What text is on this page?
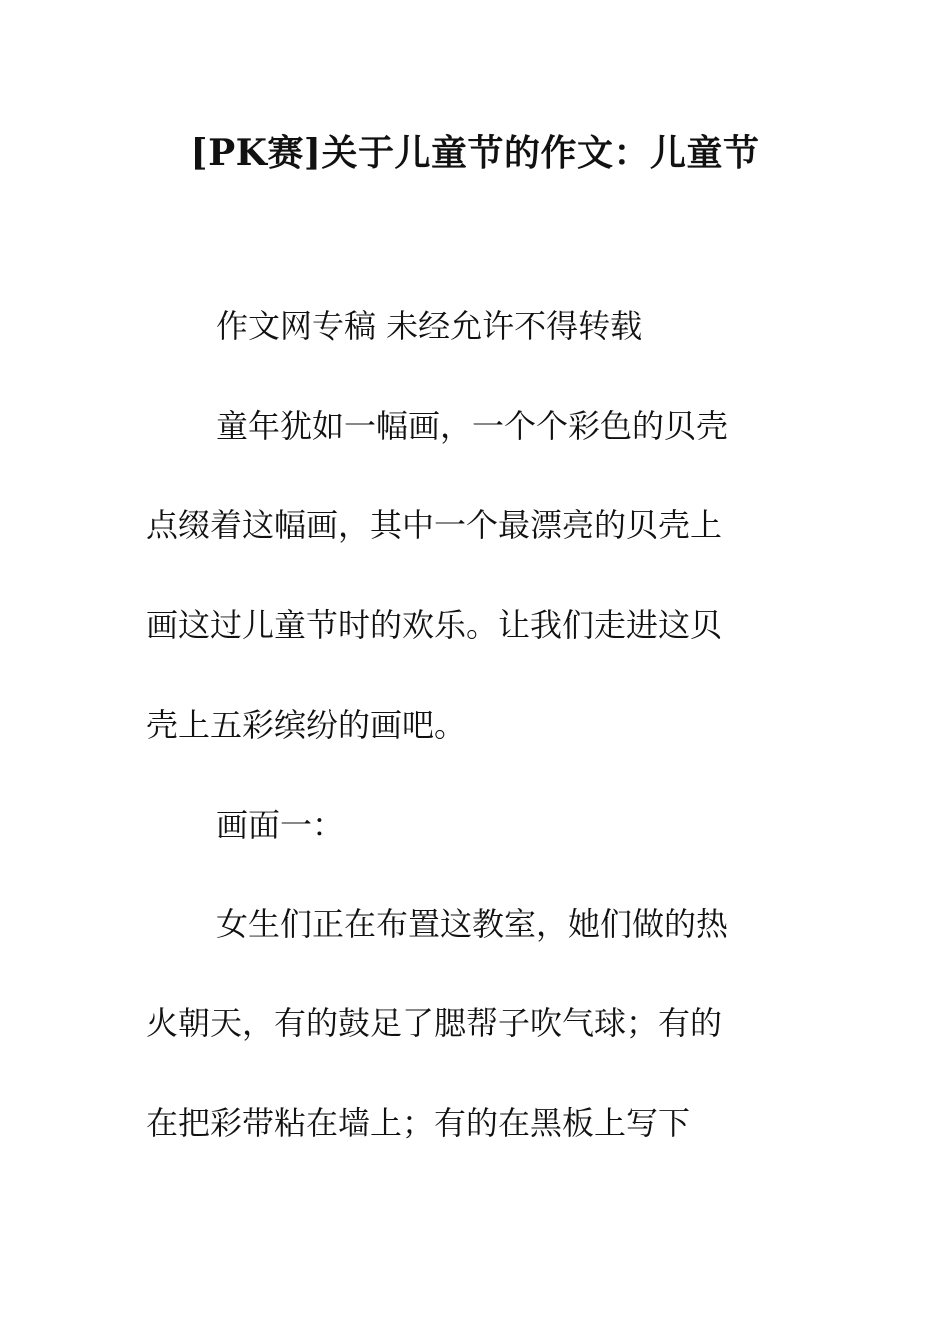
[PK赛]关于儿童节的作文：儿童节
作文网专稿 未经允许不得转载
童年犹如一幅画，一个个彩色的贝壳
点缀着这幅画，其中一个最漂亮的贝壳上
画这过儿童节时的欢乐。让我们走进这贝
壳上五彩缤纷的画吧。
画面一：
女生们正在布置这教室，她们做的热
火朝天，有的鼓足了腮帮子吹气球；有的
在把彩带粘在墙上；有的在黑板上写下
